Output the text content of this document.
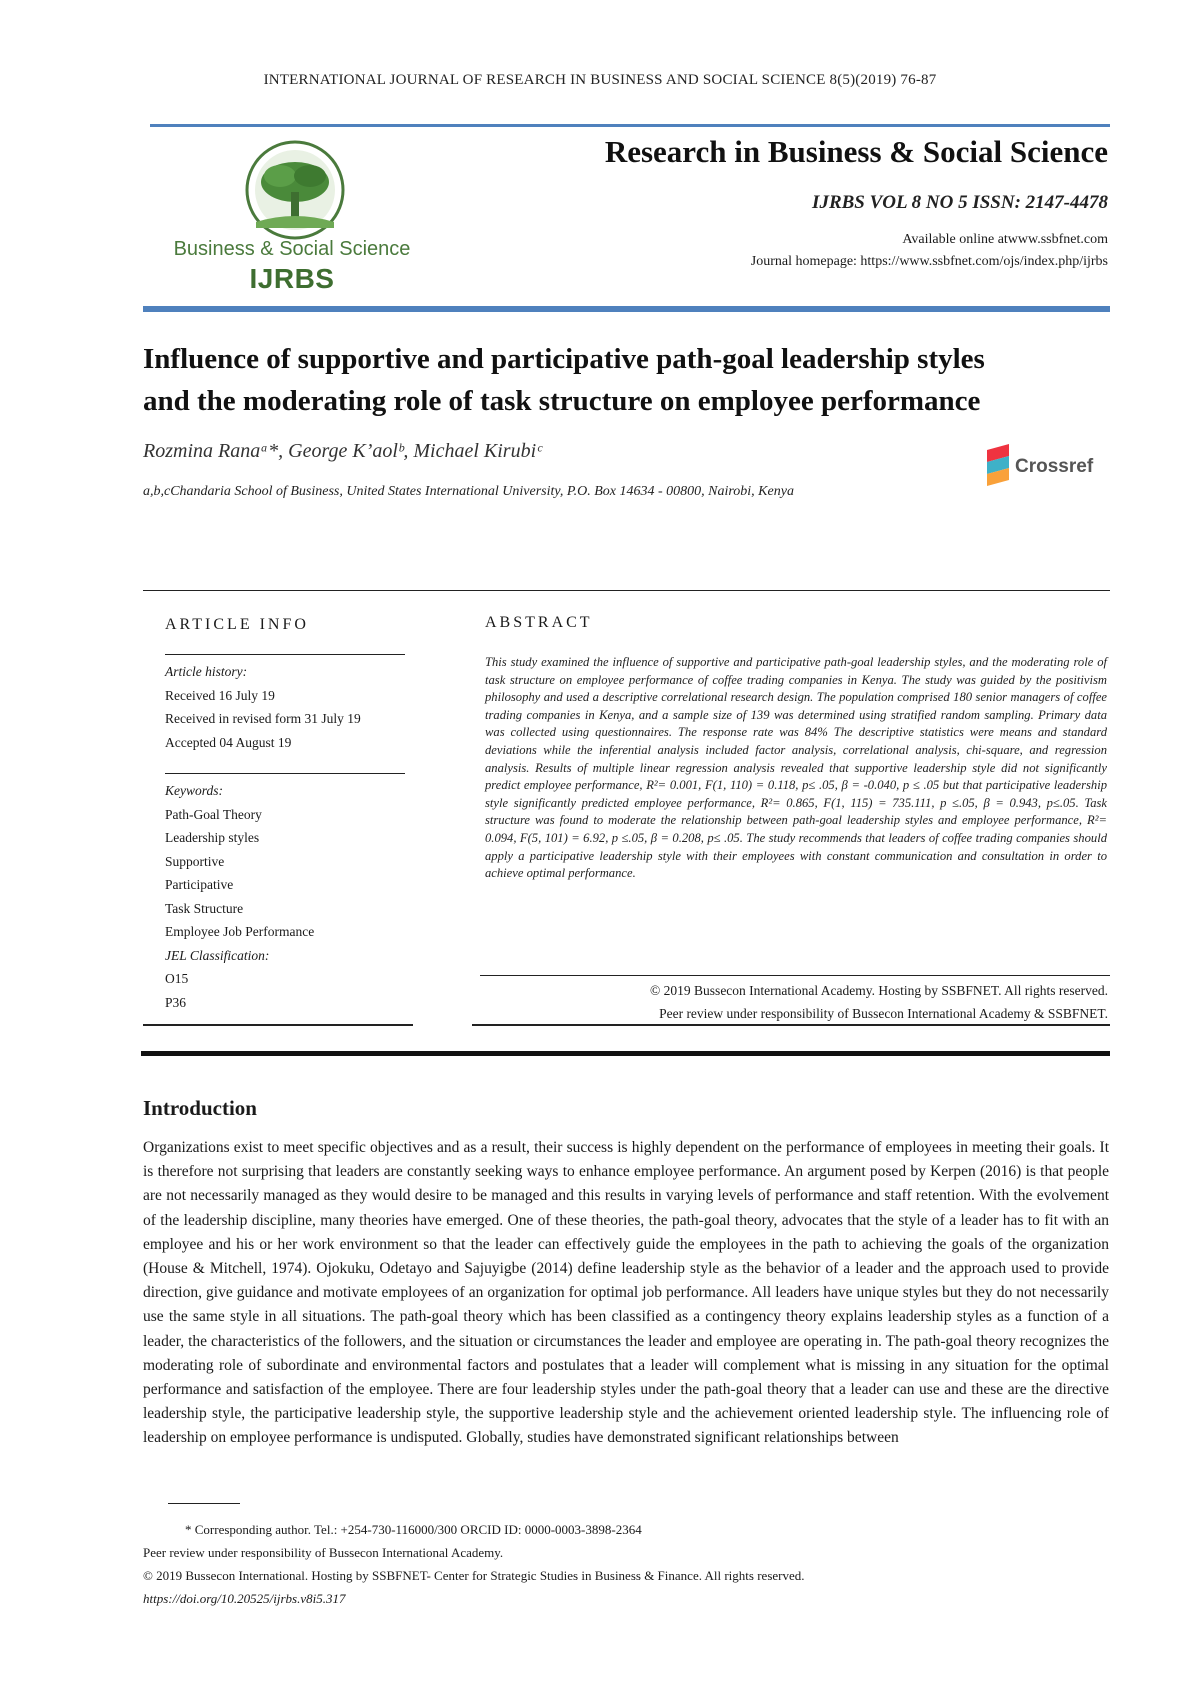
INTERNATIONAL JOURNAL OF RESEARCH IN BUSINESS AND SOCIAL SCIENCE 8(5)(2019) 76-87
Business & Social Science
IJRBS
Research in Business & Social Science
IJRBS VOL 8 NO 5 ISSN: 2147-4478
Available online atwww.ssbfnet.com
Journal homepage: https://www.ssbfnet.com/ojs/index.php/ijrbs
Influence of supportive and participative path-goal leadership styles
and the moderating role of task structure on employee performance
Rozmina Ranaᵃ*, George K’aolᵇ, Michael Kirubiᶜ
a,b,cChandaria School of Business, United States International University, P.O. Box 14634 - 00800, Nairobi, Kenya
Crossref
ARTICLE INFO	ABSTRACT
Article history:
Received 16 July 19
Received in revised form 31 July 19
Accepted 04 August 19
Keywords:
Path-Goal Theory
Leadership styles
Supportive
Participative
Task Structure
Employee Job Performance
JEL Classification:
O15
P36
This study examined the influence of supportive and participative path-goal leadership styles, and the moderating role of task structure on employee performance of coffee trading companies in Kenya. The study was guided by the positivism philosophy and used a descriptive correlational research design. The population comprised 180 senior managers of coffee trading companies in Kenya, and a sample size of 139 was determined using stratified random sampling. Primary data was collected using questionnaires. The response rate was 84% The descriptive statistics were means and standard deviations while the inferential analysis included factor analysis, correlational analysis, chi-square, and regression analysis. Results of multiple linear regression analysis revealed that supportive leadership style did not significantly predict employee performance, R²= 0.001, F(1, 110) = 0.118, p≤ .05, β = -0.040, p ≤ .05 but that participative leadership style significantly predicted employee performance, R²= 0.865, F(1, 115) = 735.111, p ≤.05, β = 0.943, p≤.05. Task structure was found to moderate the relationship between path-goal leadership styles and employee performance, R²= 0.094, F(5, 101) = 6.92, p ≤.05, β = 0.208, p≤ .05. The study recommends that leaders of coffee trading companies should apply a participative leadership style with their employees with constant communication and consultation in order to achieve optimal performance.
© 2019 Bussecon International Academy. Hosting by SSBFNET. All rights reserved.
Peer review under responsibility of Bussecon International Academy & SSBFNET.
Introduction
Organizations exist to meet specific objectives and as a result, their success is highly dependent on the performance of employees in meeting their goals. It is therefore not surprising that leaders are constantly seeking ways to enhance employee performance. An argument posed by Kerpen (2016) is that people are not necessarily managed as they would desire to be managed and this results in varying levels of performance and staff retention. With the evolvement of the leadership discipline, many theories have emerged. One of these theories, the path-goal theory, advocates that the style of a leader has to fit with an employee and his or her work environment so that the leader can effectively guide the employees in the path to achieving the goals of the organization (House & Mitchell, 1974). Ojokuku, Odetayo and Sajuyigbe (2014) define leadership style as the behavior of a leader and the approach used to provide direction, give guidance and motivate employees of an organization for optimal job performance. All leaders have unique styles but they do not necessarily use the same style in all situations. The path-goal theory which has been classified as a contingency theory explains leadership styles as a function of a leader, the characteristics of the followers, and the situation or circumstances the leader and employee are operating in. The path-goal theory recognizes the moderating role of subordinate and environmental factors and postulates that a leader will complement what is missing in any situation for the optimal performance and satisfaction of the employee. There are four leadership styles under the path-goal theory that a leader can use and these are the directive leadership style, the participative leadership style, the supportive leadership style and the achievement oriented leadership style. The influencing role of leadership on employee performance is undisputed. Globally, studies have demonstrated significant relationships between
* Corresponding author. Tel.: +254-730-116000/300 ORCID ID: 0000-0003-3898-2364
Peer review under responsibility of Bussecon International Academy.
© 2019 Bussecon International. Hosting by SSBFNET- Center for Strategic Studies in Business & Finance. All rights reserved.
https://doi.org/10.20525/ijrbs.v8i5.317
